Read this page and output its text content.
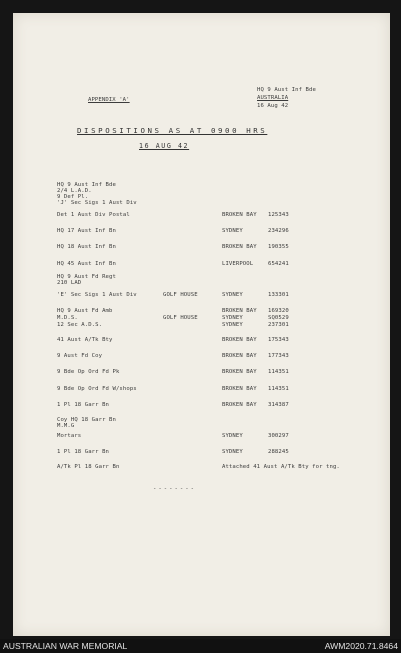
APPENDIX 'A'
HQ 9 Aust Inf Bde
AUSTRALIA
16 Aug 42
DISPOSITIONS AS AT 0900 HRS
16 AUG 42
HQ 9 Aust Inf Bde
2/4 L.A.D.
9 Def Pl.
'J' Sec Sigs 1 Aust Div
Det 1 Aust Div Postal	BROKEN BAY 125343
HQ 17 Aust Inf Bn	SYDNEY	234296
HQ 18 Aust Inf Bn	BROKEN BAY 190355
HQ 45 Aust Inf Bn	LIVERPOOL	654241
HQ 9 Aust Fd Regt
210 LAD
'E' Sec Sigs 1 Aust Div	GOLF HOUSE	SYDNEY	133301
HQ 9 Aust Fd Amb	BROKEN BAY 169320
M.D.S.	GOLF HOUSE	SYDNEY	SQ0529
12 Sec A.D.S.	SYDNEY	237301
41 Aust A/Tk Bty	BROKEN BAY 175343
9 Aust Fd Coy	BROKEN BAY 177343
9 Bde Op Ord Fd Pk	BROKEN BAY 114351
9 Bde Op Ord Fd W/shops	BROKEN BAY 114351
1 Pl 18 Garr Bn	BROKEN BAY 314387
Coy HQ 18 Garr Bn
M.M.G
Mortars	SYDNEY	300297
1 Pl 18 Garr Bn	SYDNEY	288245
A/Tk Pl 18 Garr Bn	Attached 41 Aust A/Tk Bty for tng.
--------
AUSTRALIAN WAR MEMORIAL	AWM2020.71.8464
